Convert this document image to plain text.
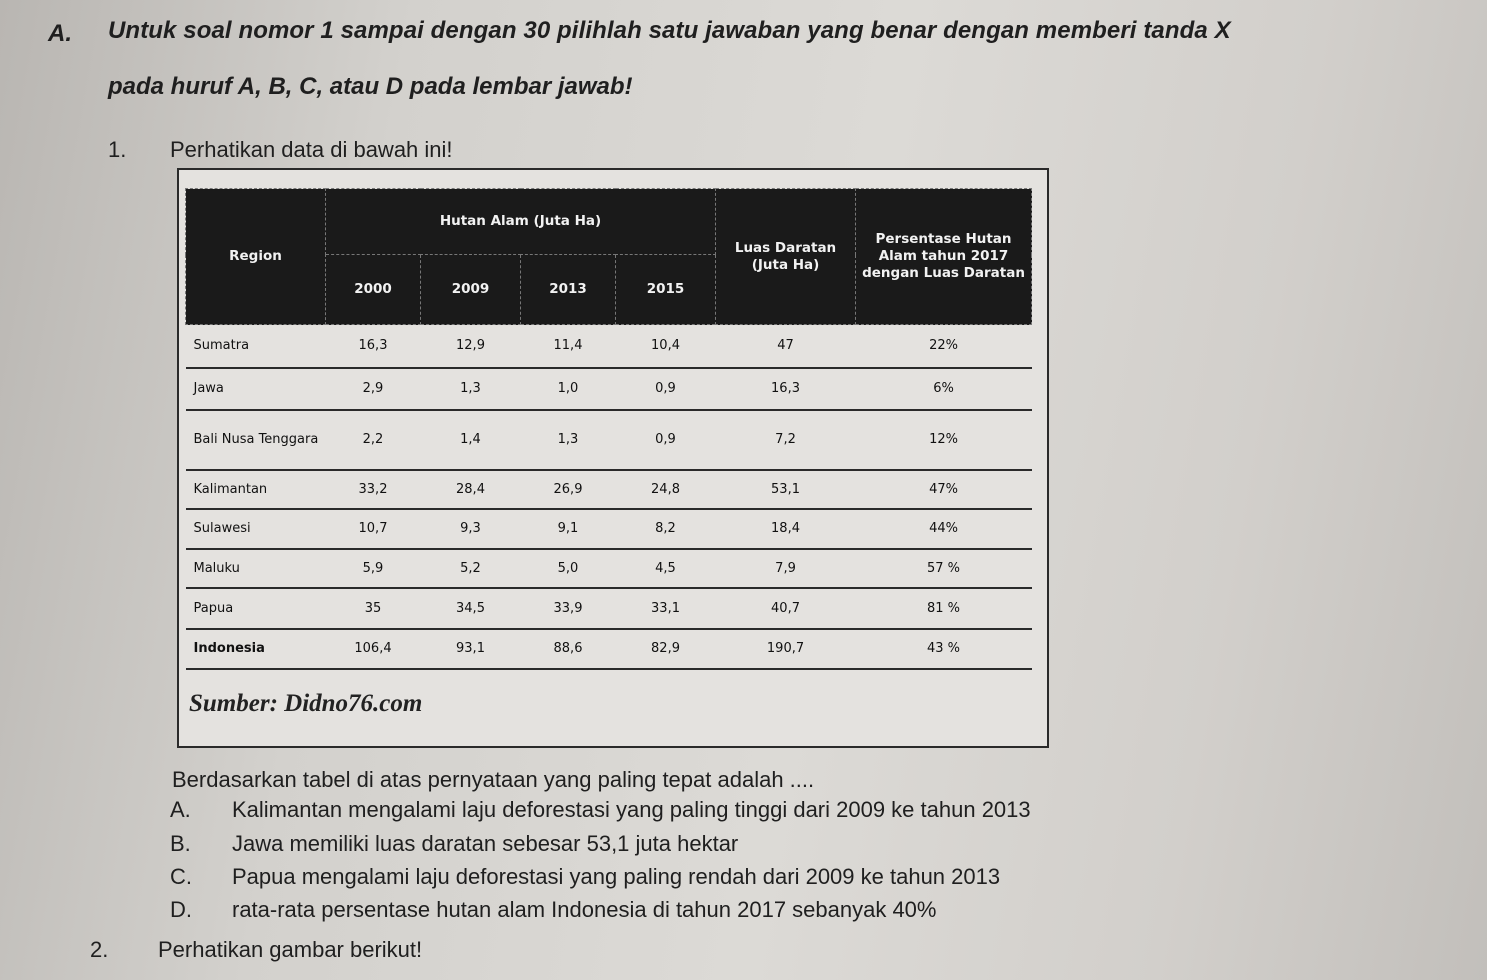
A. Untuk soal nomor 1 sampai dengan 30 pilihlah satu jawaban yang benar dengan memberi tanda X
pada huruf A, B, C, atau D pada lembar jawab!
1. Perhatikan data di bawah ini!
Region	Hutan Alam (Juta Ha)				Luas Daratan (Juta Ha)	Persentase Hutan Alam tahun 2017 dengan Luas Daratan
	2000	2009	2013	2015		
Sumatra	16,3	12,9	11,4	10,4	47	22%
Jawa	2,9	1,3	1,0	0,9	16,3	6%
Bali Nusa Tenggara	2,2	1,4	1,3	0,9	7,2	12%
Kalimantan	33,2	28,4	26,9	24,8	53,1	47%
Sulawesi	10,7	9,3	9,1	8,2	18,4	44%
Maluku	5,9	5,2	5,0	4,5	7,9	57 %
Papua	35	34,5	33,9	33,1	40,7	81 %
Indonesia	106,4	93,1	88,6	82,9	190,7	43 %
Sumber: Didno76.com
Berdasarkan tabel di atas pernyataan yang paling tepat adalah ....
A. Kalimantan mengalami laju deforestasi yang paling tinggi dari 2009 ke tahun 2013
B. Jawa memiliki luas daratan sebesar 53,1 juta hektar
C. Papua mengalami laju deforestasi yang paling rendah dari 2009 ke tahun 2013
D. rata-rata persentase hutan alam Indonesia di tahun 2017 sebanyak 40%
2. Perhatikan gambar berikut!
